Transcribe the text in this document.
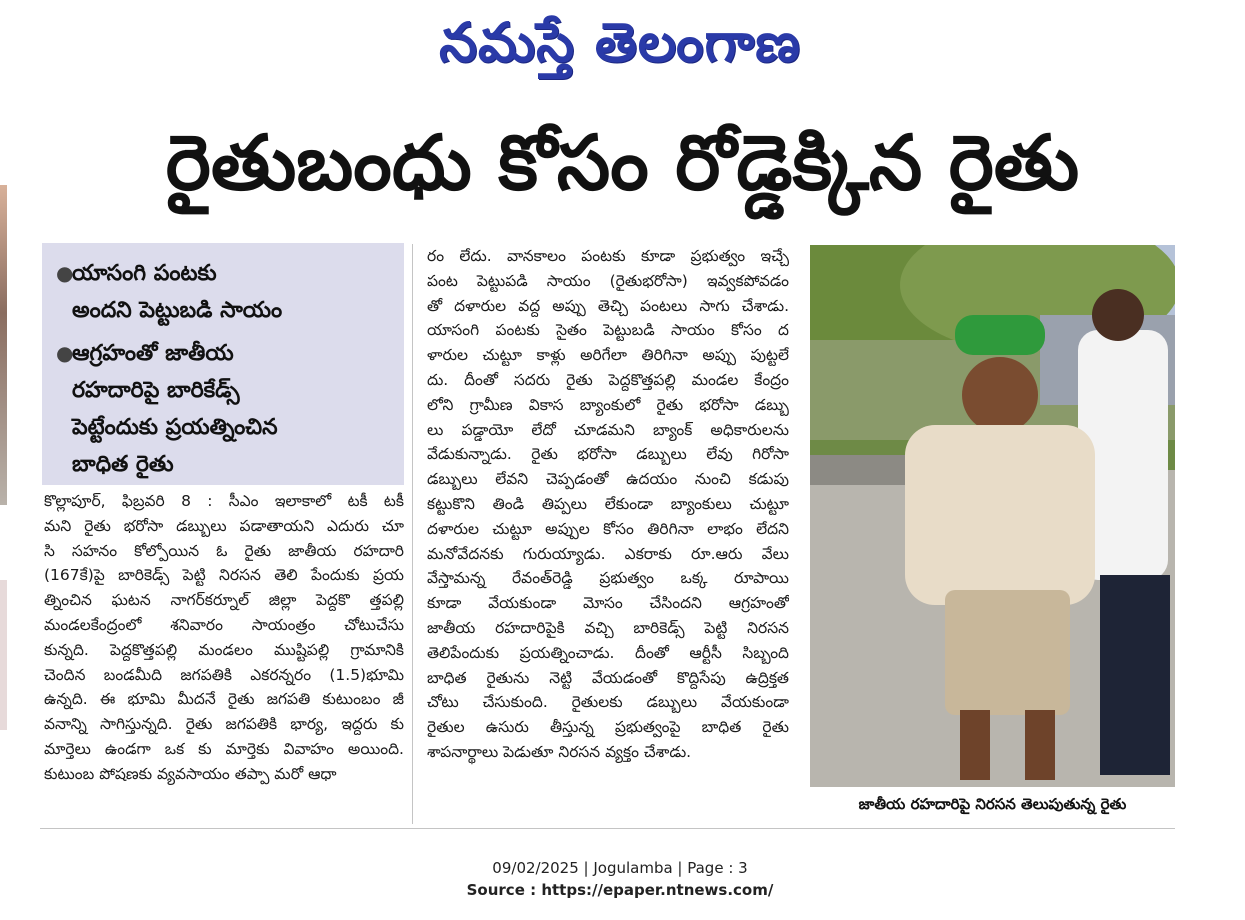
నమస్తే తెలంగాణ
రైతుబంధు కోసం రోడ్డెక్కిన రైతు
●
యాసంగి పంటకు
అందని పెట్టుబడి సాయం
●
ఆగ్రహంతో జాతీయ
రహదారిపై బారికేడ్స్
పెట్టేందుకు ప్రయత్నించిన
బాధిత రైతు
కొల్లాపూర్, ఫిబ్రవరి 8 : సీఎం ఇలాకాలో టకీ టకీ
మని రైతు భరోసా డబ్బులు పడాతాయని ఎదురు చూ
సి సహనం కోల్పోయిన ఓ రైతు జాతీయ రహదారి
(167కే)పై బారికెడ్స్ పెట్టి నిరసన తెలి పేందుకు ప్రయ
త్నించిన ఘటన నాగర్‌కర్నూల్ జిల్లా పెద్దకొ త్తపల్లి
మండలకేంద్రంలో శనివారం సాయంత్రం చోటుచేసు
కున్నది. పెద్దకొత్తపల్లి మండలం ముష్టిపల్లి గ్రామానికి
చెందిన బండమీది జగపతికి ఎకరన్నరం (1.5)భూమి
ఉన్నది. ఈ భూమి మీదనే రైతు జగపతి కుటుంబం జీ
వనాన్ని సాగిస్తున్నది. రైతు జగపతికి భార్య, ఇద్దరు కు
మార్తెలు ఉండగా ఒక కు మార్తెకు వివాహం అయింది.
కుటుంబ పోషణకు వ్యవసాయం తప్పా మరో ఆధా
రం లేదు. వానకాలం పంటకు కూడా ప్రభుత్వం ఇచ్చే
పంట పెట్టుపడి సాయం (రైతుభరోసా) ఇవ్వకపోవడం
తో దళారుల వద్ద అప్పు తెచ్చి పంటలు సాగు చేశాడు.
యాసంగి పంటకు సైతం పెట్టుబడి సాయం కోసం ద
ళారుల చుట్టూ కాళ్లు అరిగేలా తిరిగినా అప్పు పుట్టలే
దు. దీంతో సదరు రైతు పెద్దకొత్తపల్లి మండల కేంద్రం
లోని గ్రామీణ వికాస బ్యాంకులో రైతు భరోసా డబ్బు
లు పడ్డాయో లేదో చూడమని బ్యాంక్ అధికారులను
వేడుకున్నాడు. రైతు భరోసా డబ్బులు లేవు గిరోసా
డబ్బులు లేవని చెప్పడంతో ఉదయం నుంచి కడుపు
కట్టుకొని తిండి తిప్పలు లేకుండా బ్యాంకులు చుట్టూ
దళారుల చుట్టూ అప్పుల కోసం తిరిగినా లాభం లేదని
మనోవేదనకు గురుయ్యాడు. ఎకరాకు రూ.ఆరు వేలు
వేస్తామన్న రేవంత్‌రెడ్డి ప్రభుత్వం ఒక్క రూపాయి
కూడా వేయకుండా మోసం చేసిందని ఆగ్రహంతో
జాతీయ రహదారిపైకి వచ్చి బారికెడ్స్ పెట్టి నిరసన
తెలిపేందుకు ప్రయత్నించాడు. దీంతో ఆర్టీసీ సిబ్బంది
బాధిత రైతును నెట్టి వేయడంతో కొద్దిసేపు ఉద్రిక్తత
చోటు చేసుకుంది. రైతులకు డబ్బులు వేయకుండా
రైతుల ఉసురు తీస్తున్న ప్రభుత్వంపై బాధిత రైతు
శాపనార్థాలు పెడుతూ నిరసన వ్యక్తం చేశాడు.
జాతీయ రహదారిపై నిరసన తెలుపుతున్న రైతు
09/02/2025 | Jogulamba | Page : 3
Source : https://epaper.ntnews.com/
